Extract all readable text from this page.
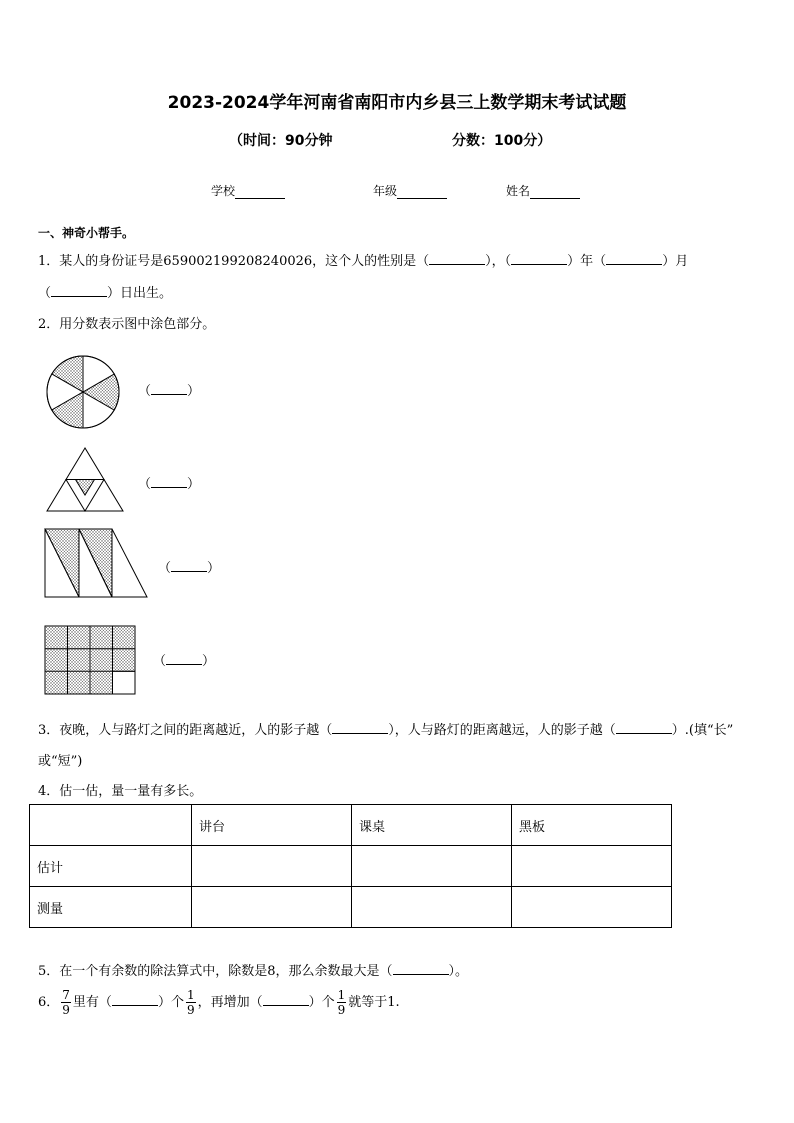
2023-2024学年河南省南阳市内乡县三上数学期末考试试题
（时间：90分钟	分数：100分）
学校	年级	姓名
一、神奇小帮手。
1．某人的身份证号是659002199208240026，这个人的性别是（	），（	）年（	）月
（	）日出生。
2．用分数表示图中涂色部分。
（	）
（	）
（	）
（	）
3．夜晚，人与路灯之间的距离越近，人的影子越（	），人与路灯的距离越远，人的影子越（	）.(填“长”
或“短”)
4．估一估，量一量有多长。
	讲台	课桌	黑板
估计			
测量			
5．在一个有余数的除法算式中，除数是8，那么余数最大是（	）。
6． $\frac{7}{9}$ 里有（	）个 $\frac{1}{9}$ ，再增加（	）个 $\frac{1}{9}$ 就等于1.
